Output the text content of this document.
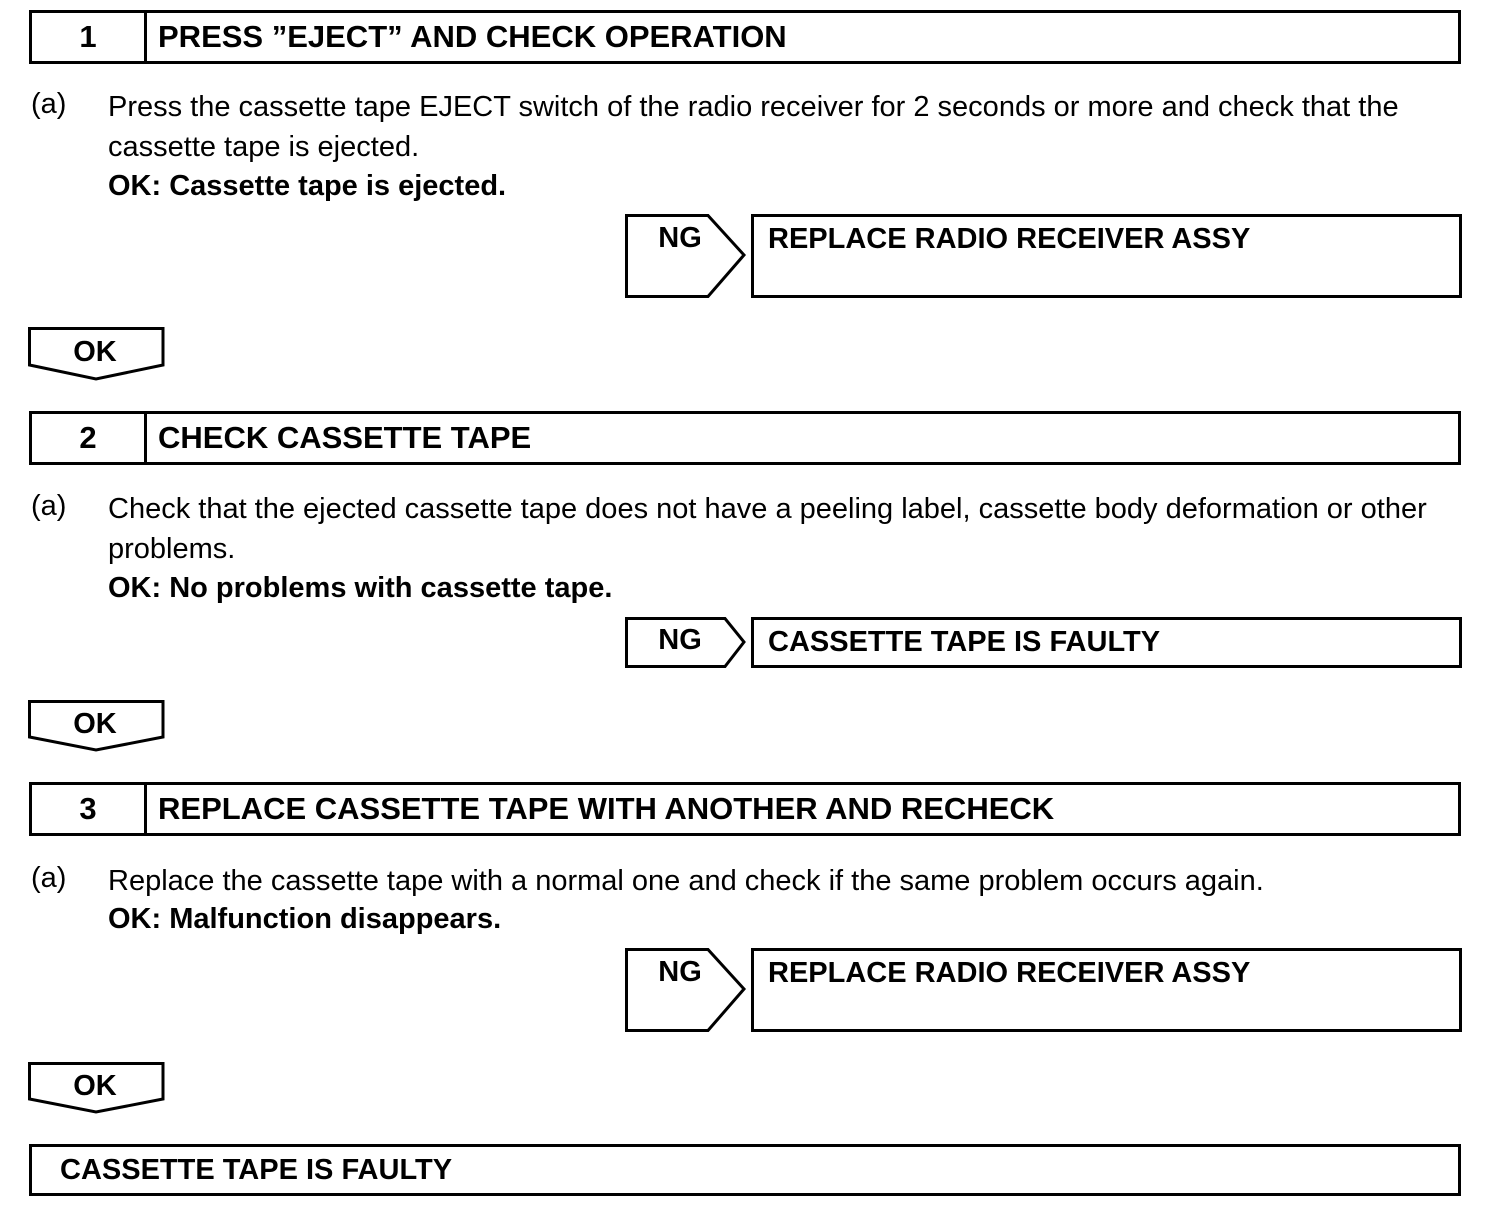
1	PRESS ”EJECT” AND CHECK OPERATION
(a) Press the cassette tape EJECT switch of the radio receiver for 2 seconds or more and check that the cassette tape is ejected.
OK: Cassette tape is ejected.
NG	REPLACE RADIO RECEIVER ASSY
OK
2	CHECK CASSETTE TAPE
(a) Check that the ejected cassette tape does not have a peeling label, cassette body deformation or other problems.
OK: No problems with cassette tape.
NG	CASSETTE TAPE IS FAULTY
OK
3	REPLACE CASSETTE TAPE WITH ANOTHER AND RECHECK
(a) Replace the cassette tape with a normal one and check if the same problem occurs again.
OK: Malfunction disappears.
NG	REPLACE RADIO RECEIVER ASSY
OK
CASSETTE TAPE IS FAULTY
